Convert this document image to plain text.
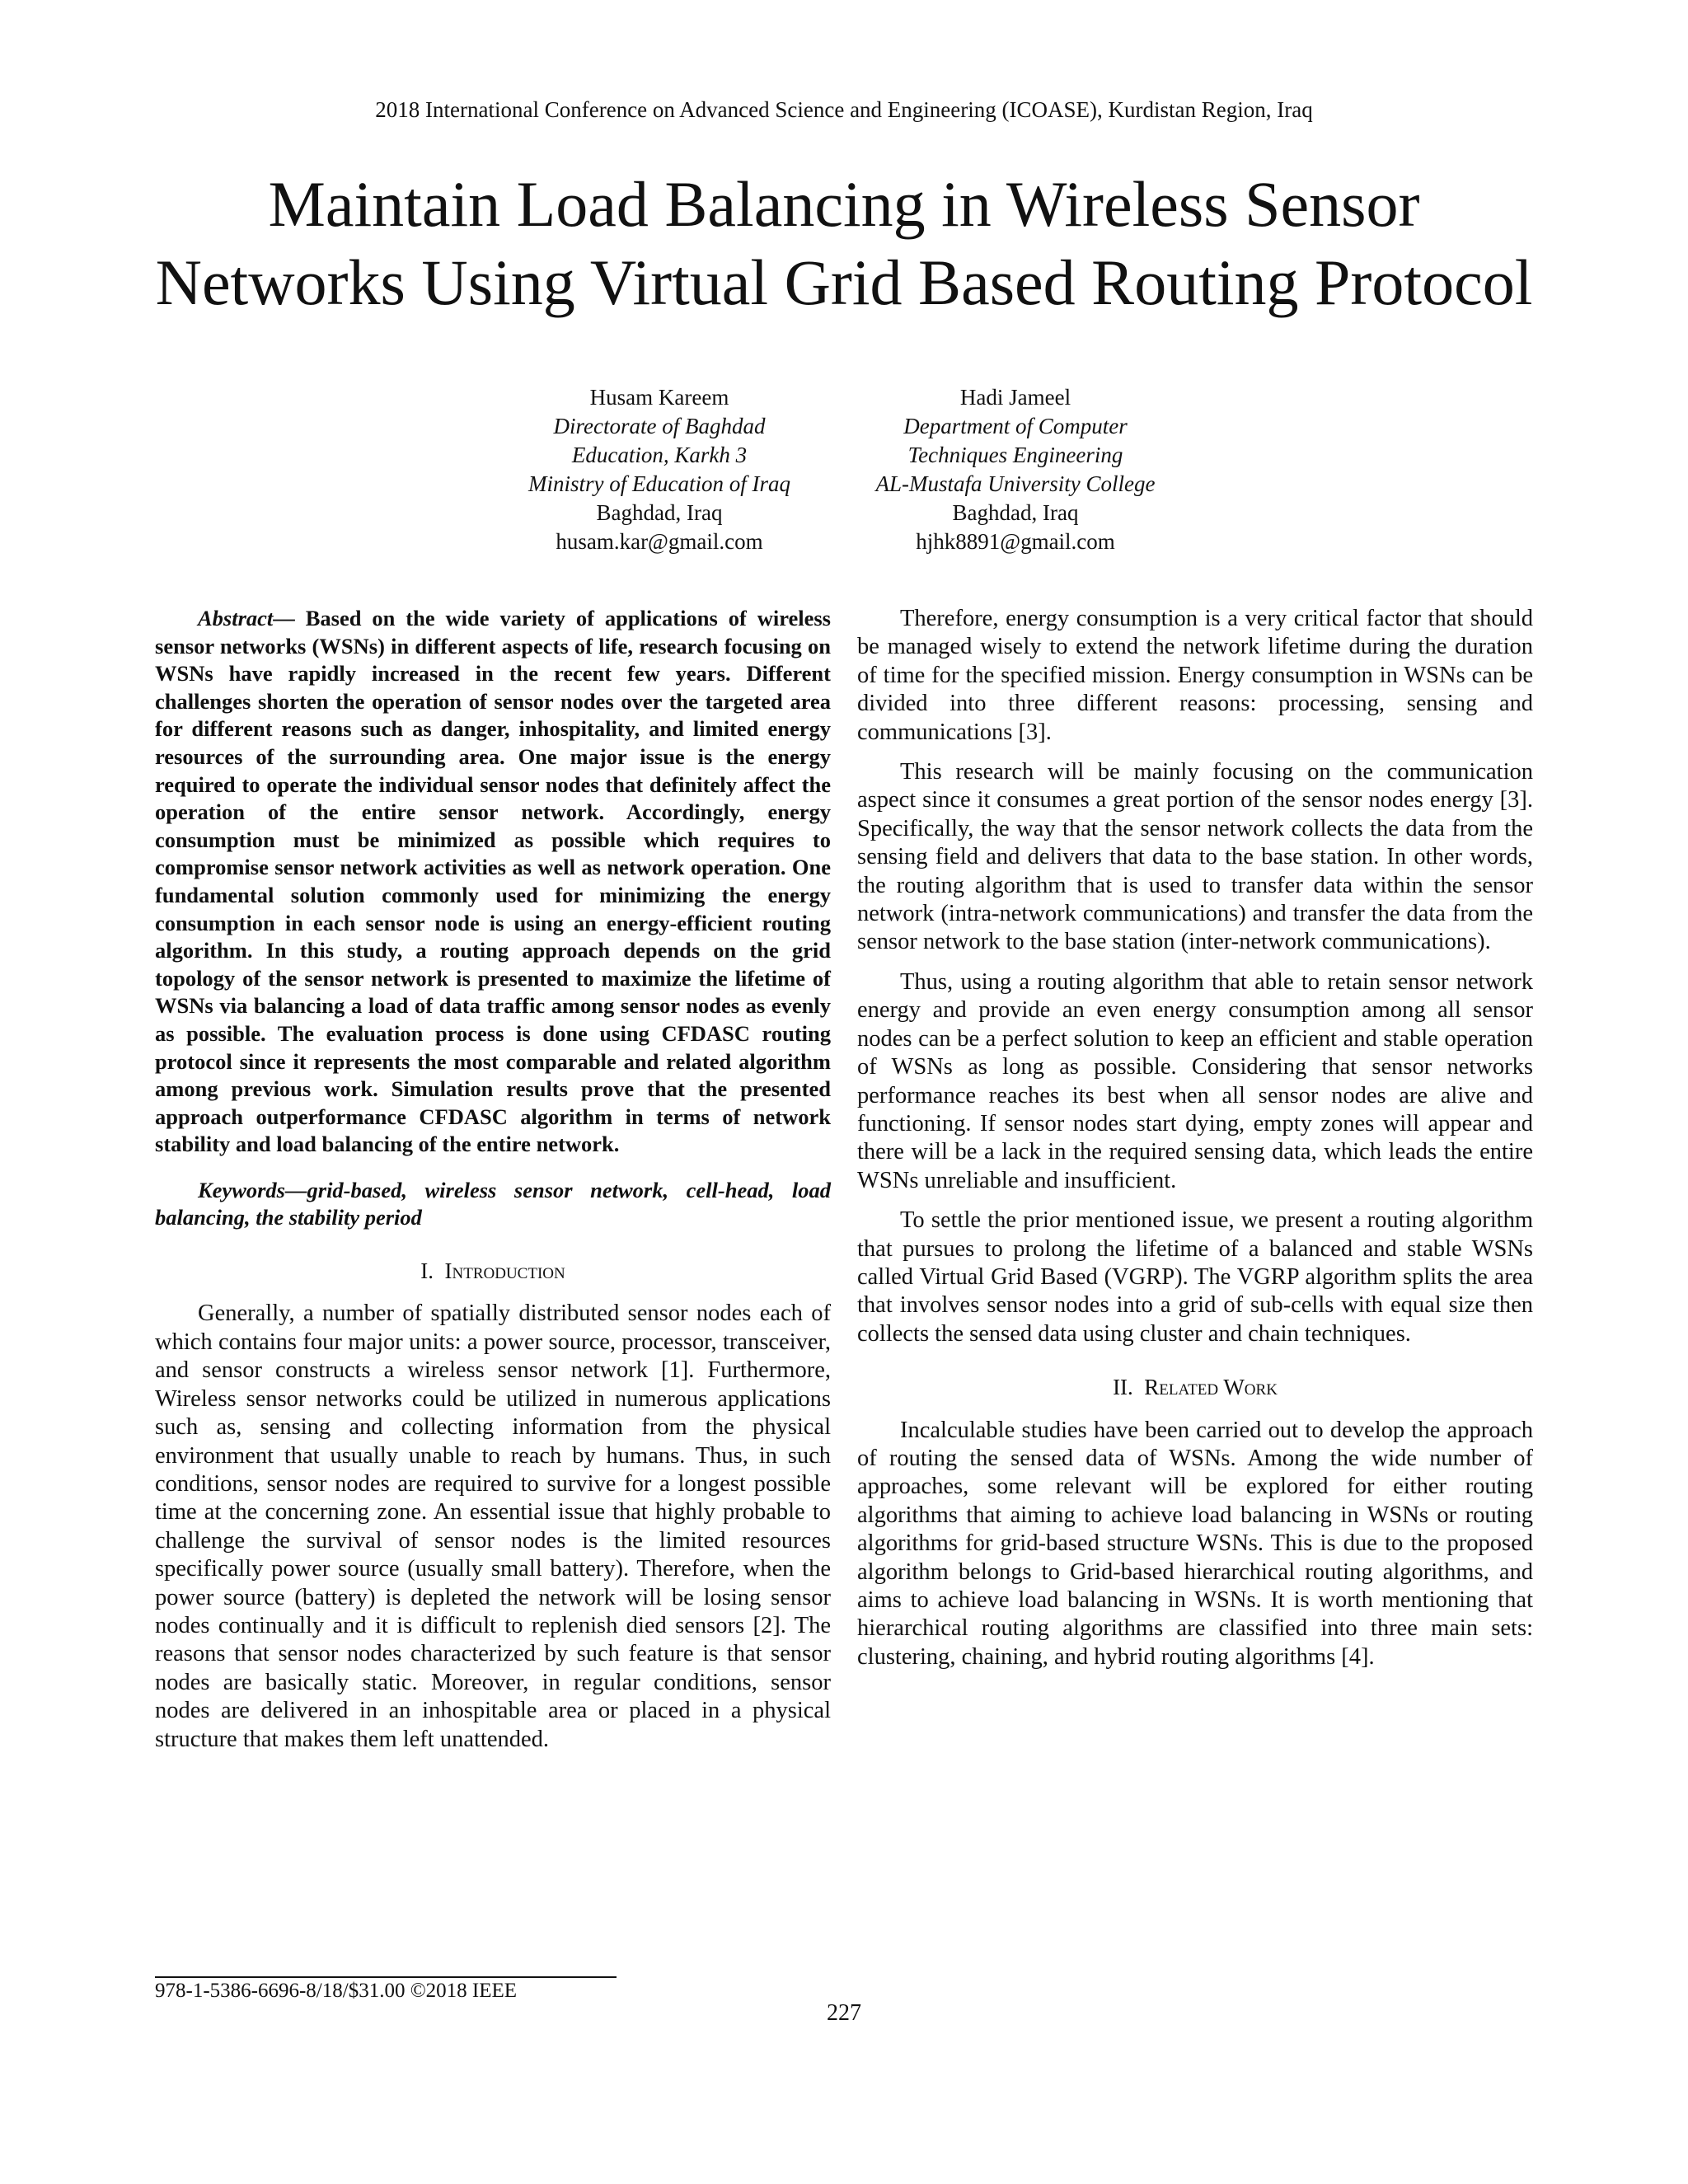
2018 International Conference on Advanced Science and Engineering (ICOASE), Kurdistan Region, Iraq
Maintain Load Balancing in Wireless Sensor
Networks Using Virtual Grid Based Routing Protocol
Husam Kareem
Directorate of Baghdad
Education, Karkh 3
Ministry of Education of Iraq
Baghdad, Iraq
husam.kar@gmail.com
Hadi Jameel
Department of Computer
Techniques Engineering
AL-Mustafa University College
Baghdad, Iraq
hjhk8891@gmail.com

Abstract— Based on the wide variety of applications of wireless sensor networks (WSNs) in different aspects of life, research focusing on WSNs have rapidly increased in the recent few years. Different challenges shorten the operation of sensor nodes over the targeted area for different reasons such as danger, inhospitality, and limited energy resources of the surrounding area. One major issue is the energy required to operate the individual sensor nodes that definitely affect the operation of the entire sensor network. Accordingly, energy consumption must be minimized as possible which requires to compromise sensor network activities as well as network operation. One fundamental solution commonly used for minimizing the energy consumption in each sensor node is using an energy-efficient routing algorithm. In this study, a routing approach depends on the grid topology of the sensor network is presented to maximize the lifetime of WSNs via balancing a load of data traffic among sensor nodes as evenly as possible. The evaluation process is done using CFDASC routing protocol since it represents the most comparable and related algorithm among previous work. Simulation results prove that the presented approach outperformance CFDASC algorithm in terms of network stability and load balancing of the entire network.

Keywords—grid-based, wireless sensor network, cell-head, load balancing, the stability period

I. Introduction

Generally, a number of spatially distributed sensor nodes each of which contains four major units: a power source, processor, transceiver, and sensor constructs a wireless sensor network [1]. Furthermore, Wireless sensor networks could be utilized in numerous applications such as, sensing and collecting information from the physical environment that usually unable to reach by humans. Thus, in such conditions, sensor nodes are required to survive for a longest possible time at the concerning zone. An essential issue that highly probable to challenge the survival of sensor nodes is the limited resources specifically power source (usually small battery). Therefore, when the power source (battery) is depleted the network will be losing sensor nodes continually and it is difficult to replenish died sensors [2]. The reasons that sensor nodes characterized by such feature is that sensor nodes are basically static. Moreover, in regular conditions, sensor nodes are delivered in an inhospitable area or placed in a physical structure that makes them left unattended.

Therefore, energy consumption is a very critical factor that should be managed wisely to extend the network lifetime during the duration of time for the specified mission. Energy consumption in WSNs can be divided into three different reasons: processing, sensing and communications [3].

This research will be mainly focusing on the communication aspect since it consumes a great portion of the sensor nodes energy [3]. Specifically, the way that the sensor network collects the data from the sensing field and delivers that data to the base station. In other words, the routing algorithm that is used to transfer data within the sensor network (intra-network communications) and transfer the data from the sensor network to the base station (inter-network communications).

Thus, using a routing algorithm that able to retain sensor network energy and provide an even energy consumption among all sensor nodes can be a perfect solution to keep an efficient and stable operation of WSNs as long as possible. Considering that sensor networks performance reaches its best when all sensor nodes are alive and functioning. If sensor nodes start dying, empty zones will appear and there will be a lack in the required sensing data, which leads the entire WSNs unreliable and insufficient.

To settle the prior mentioned issue, we present a routing algorithm that pursues to prolong the lifetime of a balanced and stable WSNs called Virtual Grid Based (VGRP). The VGRP algorithm splits the area that involves sensor nodes into a grid of sub-cells with equal size then collects the sensed data using cluster and chain techniques.

II. Related Work

Incalculable studies have been carried out to develop the approach of routing the sensed data of WSNs. Among the wide number of approaches, some relevant will be explored for either routing algorithms that aiming to achieve load balancing in WSNs or routing algorithms for grid-based structure WSNs. This is due to the proposed algorithm belongs to Grid-based hierarchical routing algorithms, and aims to achieve load balancing in WSNs. It is worth mentioning that hierarchical routing algorithms are classified into three main sets: clustering, chaining, and hybrid routing algorithms [4].

978-1-5386-6696-8/18/$31.00 ©2018 IEEE
227
